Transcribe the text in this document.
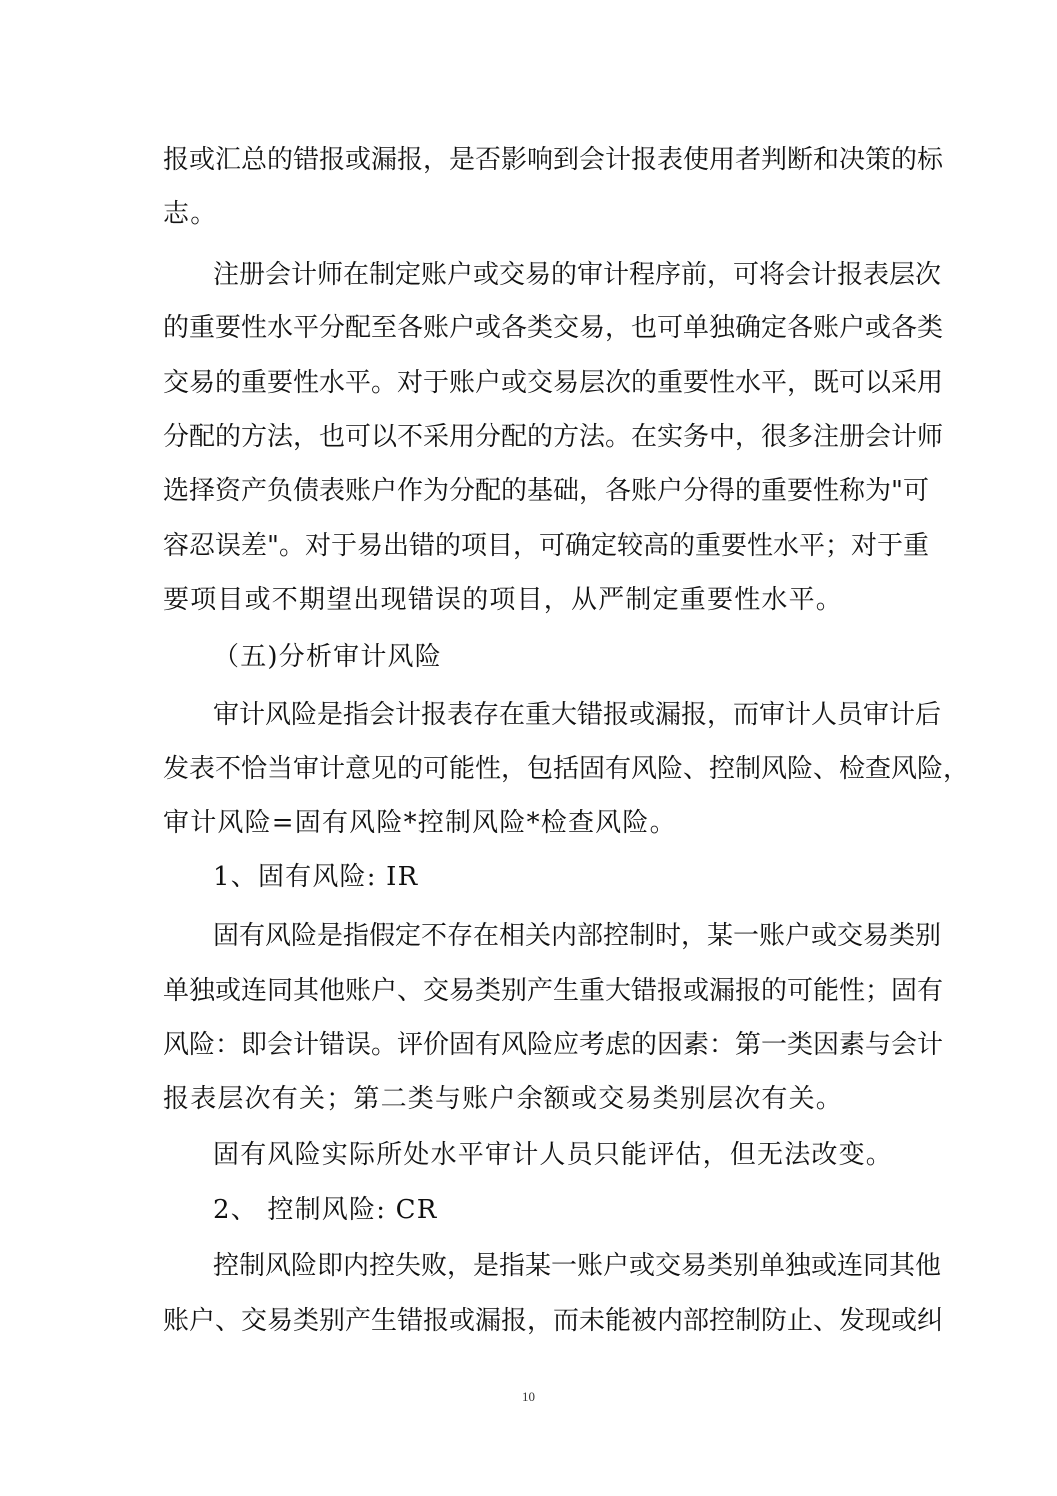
报或汇总的错报或漏报，是否影响到会计报表使用者判断和决策的标
志。
注册会计师在制定账户或交易的审计程序前，可将会计报表层次
的重要性水平分配至各账户或各类交易，也可单独确定各账户或各类
交易的重要性水平。对于账户或交易层次的重要性水平，既可以采用
分配的方法，也可以不采用分配的方法。在实务中，很多注册会计师
选择资产负债表账户作为分配的基础，各账户分得的重要性称为"可
容忍误差"。对于易出错的项目，可确定较高的重要性水平；对于重
要项目或不期望出现错误的项目，从严制定重要性水平。
（五)分析审计风险
审计风险是指会计报表存在重大错报或漏报，而审计人员审计后
发表不恰当审计意见的可能性，包括固有风险、控制风险、检查风险，
审计风险=固有风险*控制风险*检查风险。
1、固有风险: IR
固有风险是指假定不存在相关内部控制时，某一账户或交易类别
单独或连同其他账户、交易类别产生重大错报或漏报的可能性；固有
风险：即会计错误。评价固有风险应考虑的因素：第一类因素与会计
报表层次有关；第二类与账户余额或交易类别层次有关。
固有风险实际所处水平审计人员只能评估，但无法改变。
2、 控制风险: CR
控制风险即内控失败，是指某一账户或交易类别单独或连同其他
账户、交易类别产生错报或漏报，而未能被内部控制防止、发现或纠
10
